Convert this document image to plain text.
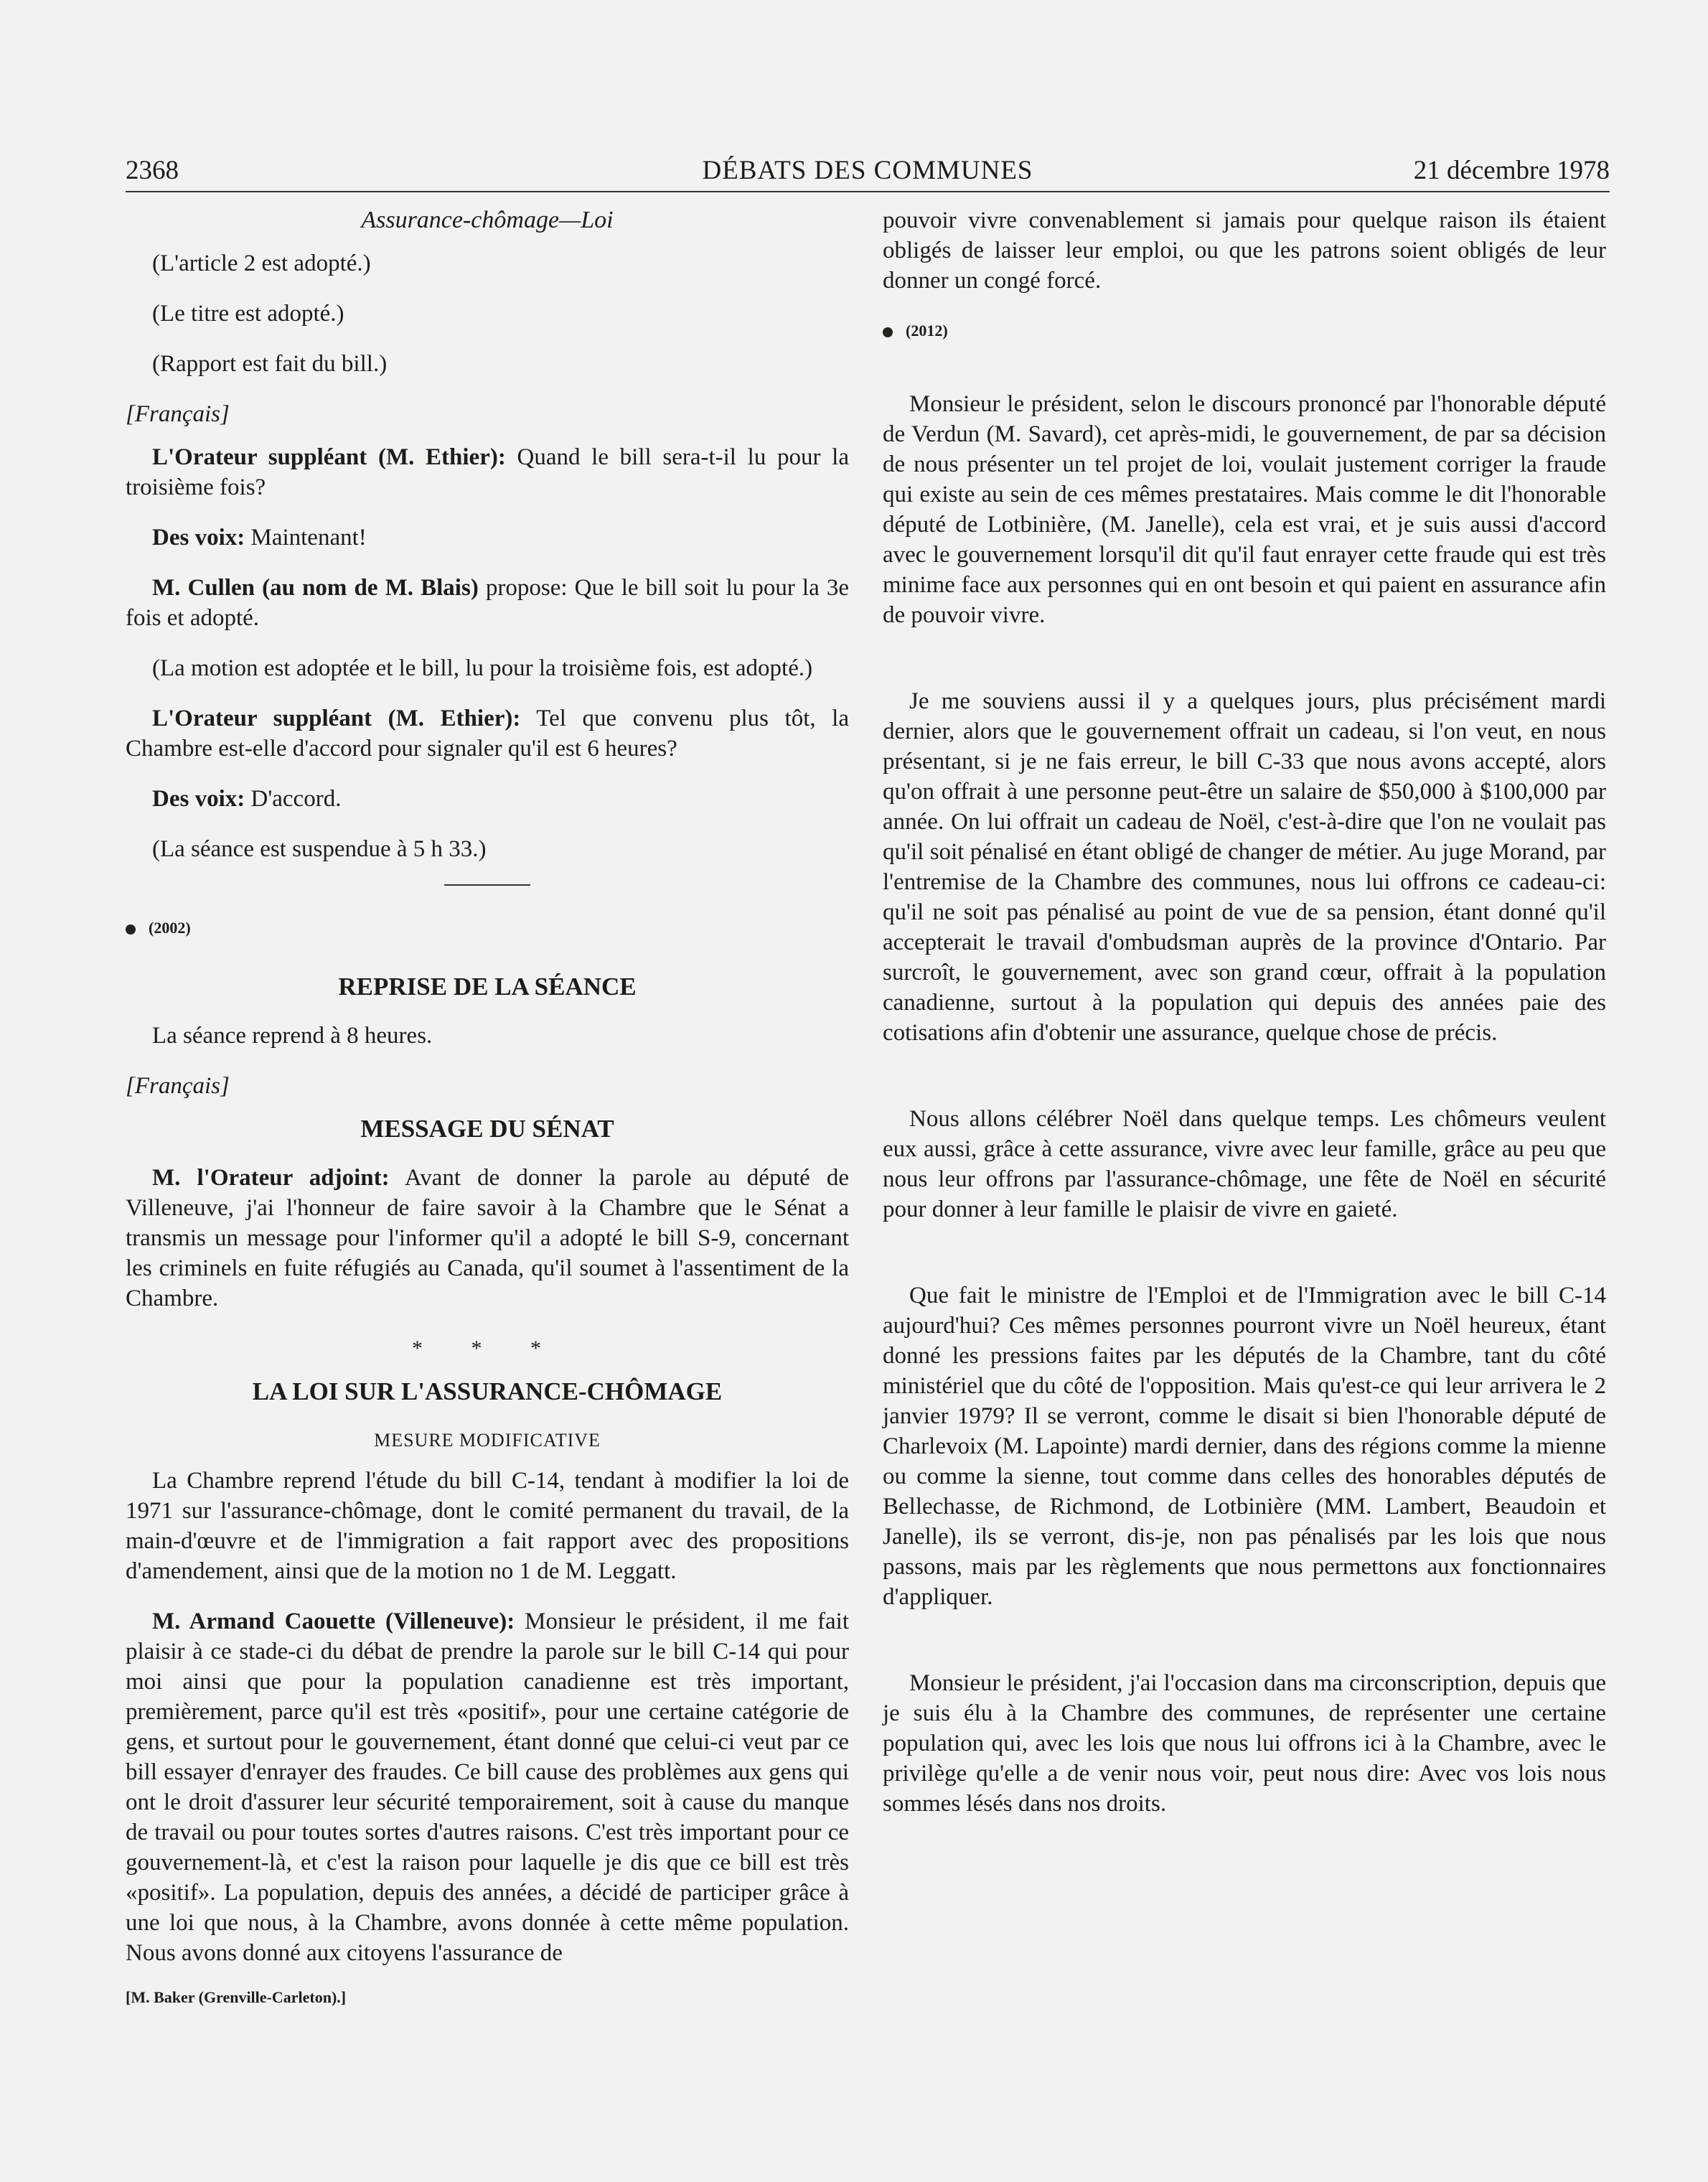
2368	DÉBATS DES COMMUNES	21 décembre 1978
Assurance-chômage—Loi

(L'article 2 est adopté.)

(Le titre est adopté.)

(Rapport est fait du bill.)

[Français]

L'Orateur suppléant (M. Ethier): Quand le bill sera-t-il lu pour la troisième fois?

Des voix: Maintenant!

M. Cullen (au nom de M. Blais) propose: Que le bill soit lu pour la 3e fois et adopté.

(La motion est adoptée et le bill, lu pour la troisième fois, est adopté.)

L'Orateur suppléant (M. Ethier): Tel que convenu plus tôt, la Chambre est-elle d'accord pour signaler qu'il est 6 heures?

Des voix: D'accord.

(La séance est suspendue à 5 h 33.)

(2002)
REPRISE DE LA SÉANCE

La séance reprend à 8 heures.

[Français]
MESSAGE DU SÉNAT

M. l'Orateur adjoint: Avant de donner la parole au député de Villeneuve, j'ai l'honneur de faire savoir à la Chambre que le Sénat a transmis un message pour l'informer qu'il a adopté le bill S-9, concernant les criminels en fuite réfugiés au Canada, qu'il soumet à l'assentiment de la Chambre.

* * *
LA LOI SUR L'ASSURANCE-CHÔMAGE
MESURE MODIFICATIVE

La Chambre reprend l'étude du bill C-14, tendant à modifier la loi de 1971 sur l'assurance-chômage, dont le comité permanent du travail, de la main-d'œuvre et de l'immigration a fait rapport avec des propositions d'amendement, ainsi que de la motion no 1 de M. Leggatt.

M. Armand Caouette (Villeneuve): Monsieur le président, il me fait plaisir à ce stade-ci du débat de prendre la parole sur le bill C-14 qui pour moi ainsi que pour la population canadienne est très important, premièrement, parce qu'il est très «positif», pour une certaine catégorie de gens, et surtout pour le gouvernement, étant donné que celui-ci veut par ce bill essayer d'enrayer des fraudes. Ce bill cause des problèmes aux gens qui ont le droit d'assurer leur sécurité temporairement, soit à cause du manque de travail ou pour toutes sortes d'autres raisons. C'est très important pour ce gouvernement-là, et c'est la raison pour laquelle je dis que ce bill est très «positif». La population, depuis des années, a décidé de participer grâce à une loi que nous, à la Chambre, avons donnée à cette même population. Nous avons donné aux citoyens l'assurance de

[M. Baker (Grenville-Carleton).]

pouvoir vivre convenablement si jamais pour quelque raison ils étaient obligés de laisser leur emploi, ou que les patrons soient obligés de leur donner un congé forcé.

(2012)

Monsieur le président, selon le discours prononcé par l'honorable député de Verdun (M. Savard), cet après-midi, le gouvernement, de par sa décision de nous présenter un tel projet de loi, voulait justement corriger la fraude qui existe au sein de ces mêmes prestataires. Mais comme le dit l'honorable député de Lotbinière, (M. Janelle), cela est vrai, et je suis aussi d'accord avec le gouvernement lorsqu'il dit qu'il faut enrayer cette fraude qui est très minime face aux personnes qui en ont besoin et qui paient en assurance afin de pouvoir vivre.

Je me souviens aussi il y a quelques jours, plus précisément mardi dernier, alors que le gouvernement offrait un cadeau, si l'on veut, en nous présentant, si je ne fais erreur, le bill C-33 que nous avons accepté, alors qu'on offrait à une personne peut-être un salaire de $50,000 à $100,000 par année. On lui offrait un cadeau de Noël, c'est-à-dire que l'on ne voulait pas qu'il soit pénalisé en étant obligé de changer de métier. Au juge Morand, par l'entremise de la Chambre des communes, nous lui offrons ce cadeau-ci: qu'il ne soit pas pénalisé au point de vue de sa pension, étant donné qu'il accepterait le travail d'ombudsman auprès de la province d'Ontario. Par surcroît, le gouvernement, avec son grand cœur, offrait à la population canadienne, surtout à la population qui depuis des années paie des cotisations afin d'obtenir une assurance, quelque chose de précis.

Nous allons célébrer Noël dans quelque temps. Les chômeurs veulent eux aussi, grâce à cette assurance, vivre avec leur famille, grâce au peu que nous leur offrons par l'assurance-chômage, une fête de Noël en sécurité pour donner à leur famille le plaisir de vivre en gaieté.

Que fait le ministre de l'Emploi et de l'Immigration avec le bill C-14 aujourd'hui? Ces mêmes personnes pourront vivre un Noël heureux, étant donné les pressions faites par les députés de la Chambre, tant du côté ministériel que du côté de l'opposition. Mais qu'est-ce qui leur arrivera le 2 janvier 1979? Il se verront, comme le disait si bien l'honorable député de Charlevoix (M. Lapointe) mardi dernier, dans des régions comme la mienne ou comme la sienne, tout comme dans celles des honorables députés de Bellechasse, de Richmond, de Lotbinière (MM. Lambert, Beaudoin et Janelle), ils se verront, dis-je, non pas pénalisés par les lois que nous passons, mais par les règlements que nous permettons aux fonctionnaires d'appliquer.

Monsieur le président, j'ai l'occasion dans ma circonscription, depuis que je suis élu à la Chambre des communes, de représenter une certaine population qui, avec les lois que nous lui offrons ici à la Chambre, avec le privilège qu'elle a de venir nous voir, peut nous dire: Avec vos lois nous sommes lésés dans nos droits.
